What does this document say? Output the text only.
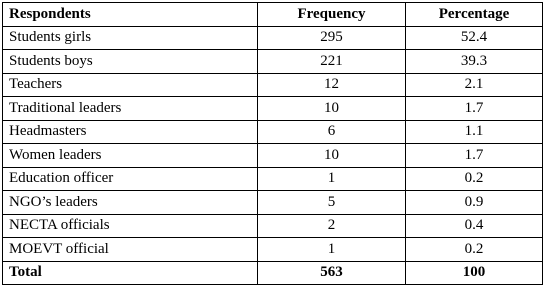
Respondents	Frequency	Percentage
Students girls	295	52.4
Students boys	221	39.3
Teachers	12	2.1
Traditional leaders	10	1.7
Headmasters	6	1.1
Women leaders	10	1.7
Education officer	1	0.2
NGO’s leaders	5	0.9
NECTA officials	2	0.4
MOEVT official	1	0.2
Total	563	100
